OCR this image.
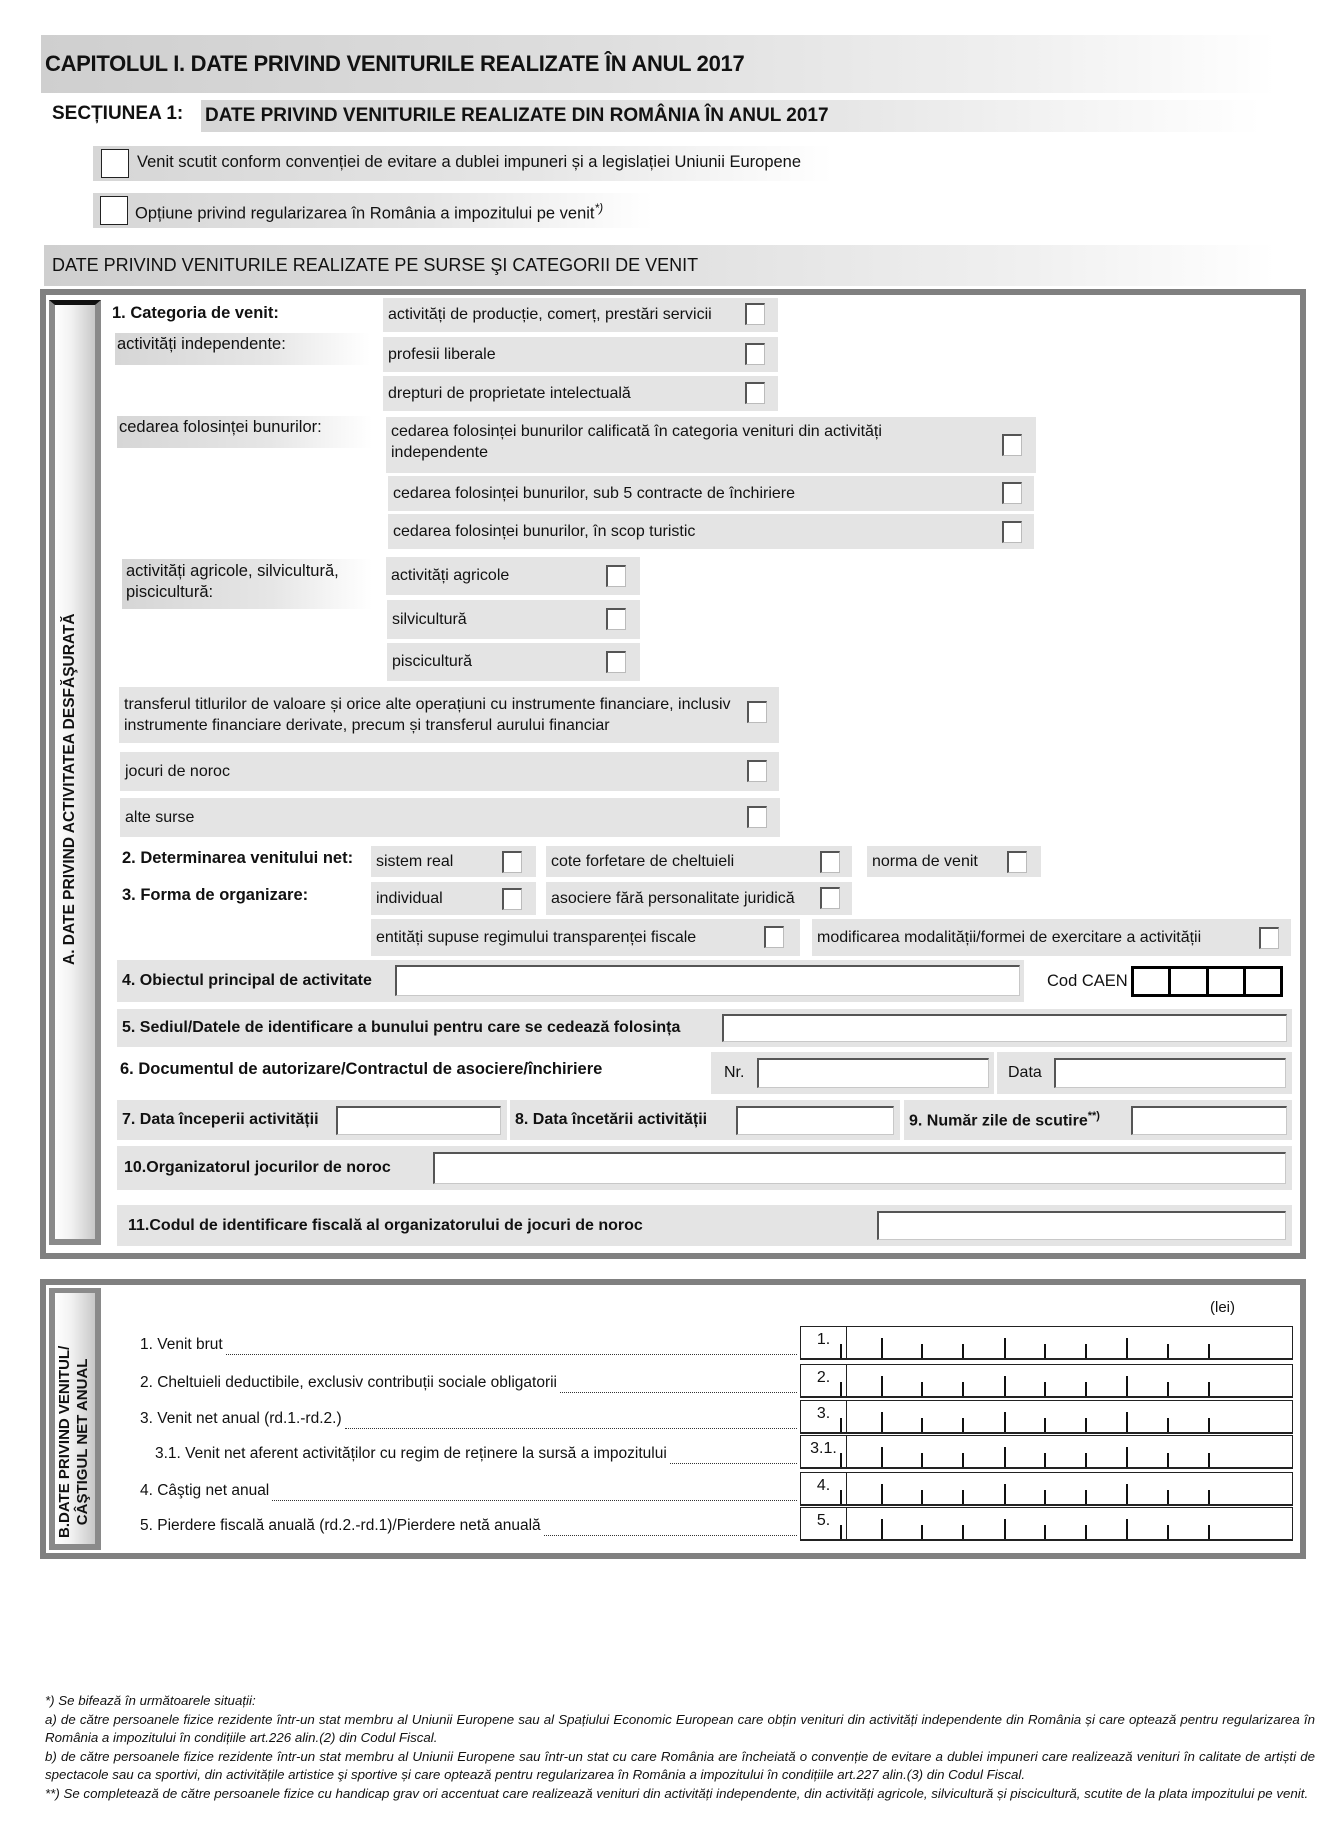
CAPITOLUL I. DATE PRIVIND VENITURILE REALIZATE ÎN ANUL 2017
SECȚIUNEA 1: DATE PRIVIND VENITURILE REALIZATE DIN ROMÂNIA ÎN ANUL 2017
Venit scutit conform convenției de evitare a dublei impuneri și a legislației Uniunii Europene
Opțiune privind regularizarea în România a impozitului pe venit*)
DATE PRIVIND VENITURILE REALIZATE PE SURSE ŞI CATEGORII DE VENIT
A. DATE PRIVIND ACTIVITATEA DESFĂŞURATĂ
1. Categoria de venit:
activități independente:
activități de producție, comerț, prestări servicii
profesii liberale
drepturi de proprietate intelectuală
cedarea folosinței bunurilor:	cedarea folosinței bunurilor calificată în categoria venituri din activități independente
cedarea folosinței bunurilor, sub 5 contracte de închiriere
cedarea folosinței bunurilor, în scop turistic
activități agricole, silvicultură, piscicultură:
activități agricole
silvicultură
piscicultură
transferul titlurilor de valoare și orice alte operațiuni cu instrumente financiare, inclusiv instrumente financiare derivate, precum și transferul aurului financiar
jocuri de noroc
alte surse
2. Determinarea venitului net: sistem real	cote forfetare de cheltuieli	norma de venit
3. Forma de organizare:	individual	asociere fără personalitate juridică
entități supuse regimului transparenței fiscale	modificarea modalității/formei de exercitare a activității
4. Obiectul principal de activitate	Cod CAEN
5. Sediul/Datele de identificare a bunului pentru care se cedează folosința
6. Documentul de autorizare/Contractul de asociere/închiriere	Nr.	Data
7. Data începerii activității	8. Data încetării activității	9. Număr zile de scutire**)
10.Organizatorul jocurilor de noroc
11.Codul de identificare fiscală al organizatorului de jocuri de noroc
B.DATE PRIVIND VENITUL/ CÂŞTIGUL NET ANUAL
(lei)
1. Venit brut	1.
2. Cheltuieli deductibile, exclusiv contribuții sociale obligatorii	2.
3. Venit net anual (rd.1.-rd.2.)	3.
3.1. Venit net aferent activităților cu regim de reținere la sursă a impozitului	3.1.
4. Câştig net anual	4.
5. Pierdere fiscală anuală (rd.2.-rd.1)/Pierdere netă anuală	5.

*) Se bifează în următoarele situații:

a) de către persoanele fizice rezidente într-un stat membru al Uniunii Europene sau al Spațiului Economic European care obțin venituri din activități independente din România și care optează pentru regularizarea în România a impozitului în condițiile art.226 alin.(2) din Codul Fiscal.

b) de către persoanele fizice rezidente într-un stat membru al Uniunii Europene sau într-un stat cu care România are încheiată o convenție de evitare a dublei impuneri care realizează venituri în calitate de artiști de spectacole sau ca sportivi, din activitățile artistice şi sportive și care optează pentru regularizarea în România a impozitului în condițiile art.227 alin.(3) din Codul Fiscal.

**) Se completează de către persoanele fizice cu handicap grav ori accentuat care realizează venituri din activități independente, din activități agricole, silvicultură și piscicultură, scutite de la plata impozitului pe venit.
